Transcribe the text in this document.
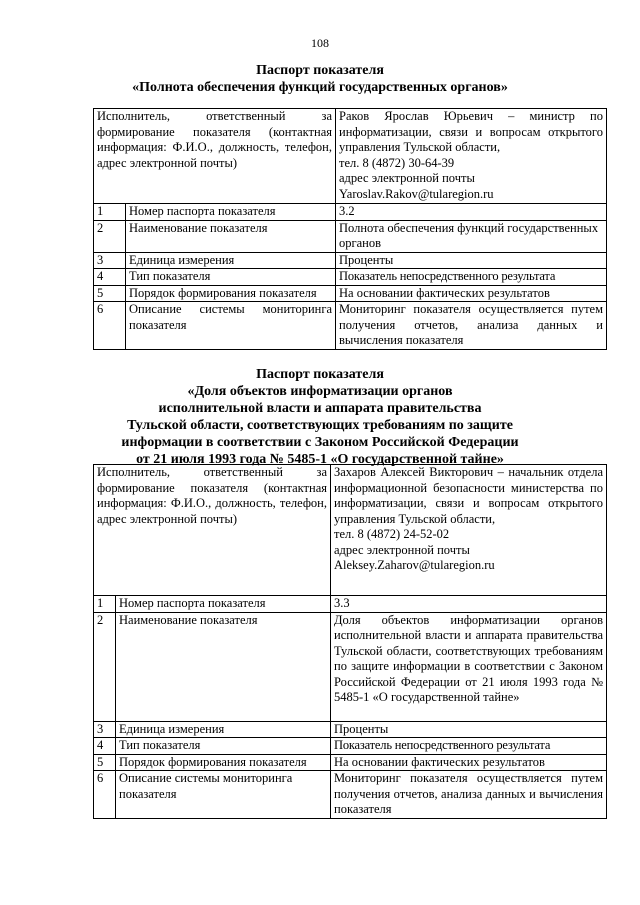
108
Паспорт показателя
«Полнота обеспечения функций государственных органов»
Исполнитель, ответственный за формирование показателя (контактная информация: Ф.И.О., должность, телефон, адрес электронной почты)		Раков Ярослав Юрьевич – министр по информатизации, связи и вопросам открытого управления Тульской области,

тел. 8 (4872) 30-64-39
адрес электронной почты
Yaroslav.Rakov@tularegion.ru

1	Номер паспорта показателя	3.2
2	Наименование показателя	Полнота обеспечения функций государственных органов
3	Единица измерения	Проценты
4	Тип показателя	Показатель непосредственного результата
5	Порядок формирования показателя	На основании фактических результатов
6	Описание системы мониторинга показателя	Мониторинг показателя осуществляется путем получения отчетов, анализа данных и вычисления показателя
Паспорт показателя
«Доля объектов информатизации органов
исполнительной власти и аппарата правительства
Тульской области, соответствующих требованиям по защите
информации в соответствии с Законом Российской Федерации
от 21 июля 1993 года № 5485-1 «О государственной тайне»
Исполнитель, ответственный за формирование показателя (контактная информация: Ф.И.О., должность, телефон, адрес электронной почты)		Захаров Алексей Викторович – начальник отдела информационной безопасности министерства по информатизации, связи и вопросам открытого управления Тульской области,

тел. 8 (4872) 24-52-02
адрес электронной почты
Aleksey.Zaharov@tularegion.ru

1	Номер паспорта показателя	3.3
2	Наименование показателя	Доля объектов информатизации органов исполнительной власти и аппарата правительства Тульской области, соответствующих требованиям по защите информации в соответствии с Законом Российской Федерации от 21 июля 1993 года № 5485-1 «О государственной тайне»
3	Единица измерения	Проценты
4	Тип показателя	Показатель непосредственного результата
5	Порядок формирования показателя	На основании фактических результатов
6	Описание системы мониторинга показателя	Мониторинг показателя осуществляется путем получения отчетов, анализа данных и вычисления показателя
